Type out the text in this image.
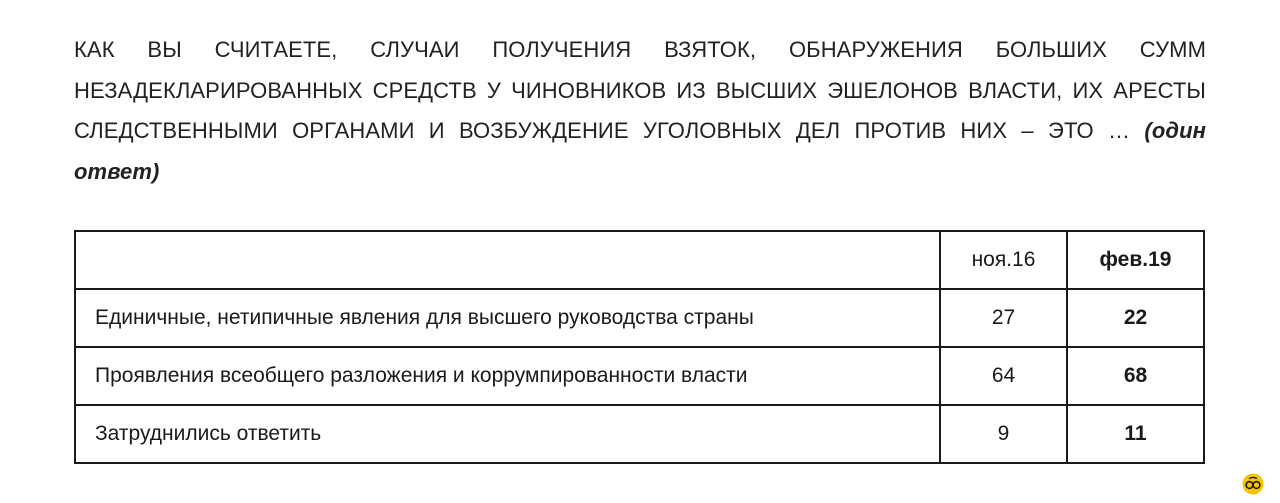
КАК ВЫ СЧИТАЕТЕ, СЛУЧАИ ПОЛУЧЕНИЯ ВЗЯТОК, ОБНАРУЖЕНИЯ БОЛЬШИХ СУММ НЕЗАДЕКЛАРИРОВАННЫХ СРЕДСТВ У ЧИНОВНИКОВ ИЗ ВЫСШИХ ЭШЕЛОНОВ ВЛАСТИ, ИХ АРЕСТЫ СЛЕДСТВЕННЫМИ ОРГАНАМИ И ВОЗБУЖДЕНИЕ УГОЛОВНЫХ ДЕЛ ПРОТИВ НИХ – ЭТО … (один ответ)
	ноя.16	фев.19
Единичные, нетипичные явления для высшего руководства страны	27	22
Проявления всеобщего разложения и коррумпированности власти	64	68
Затруднились ответить	9	11
